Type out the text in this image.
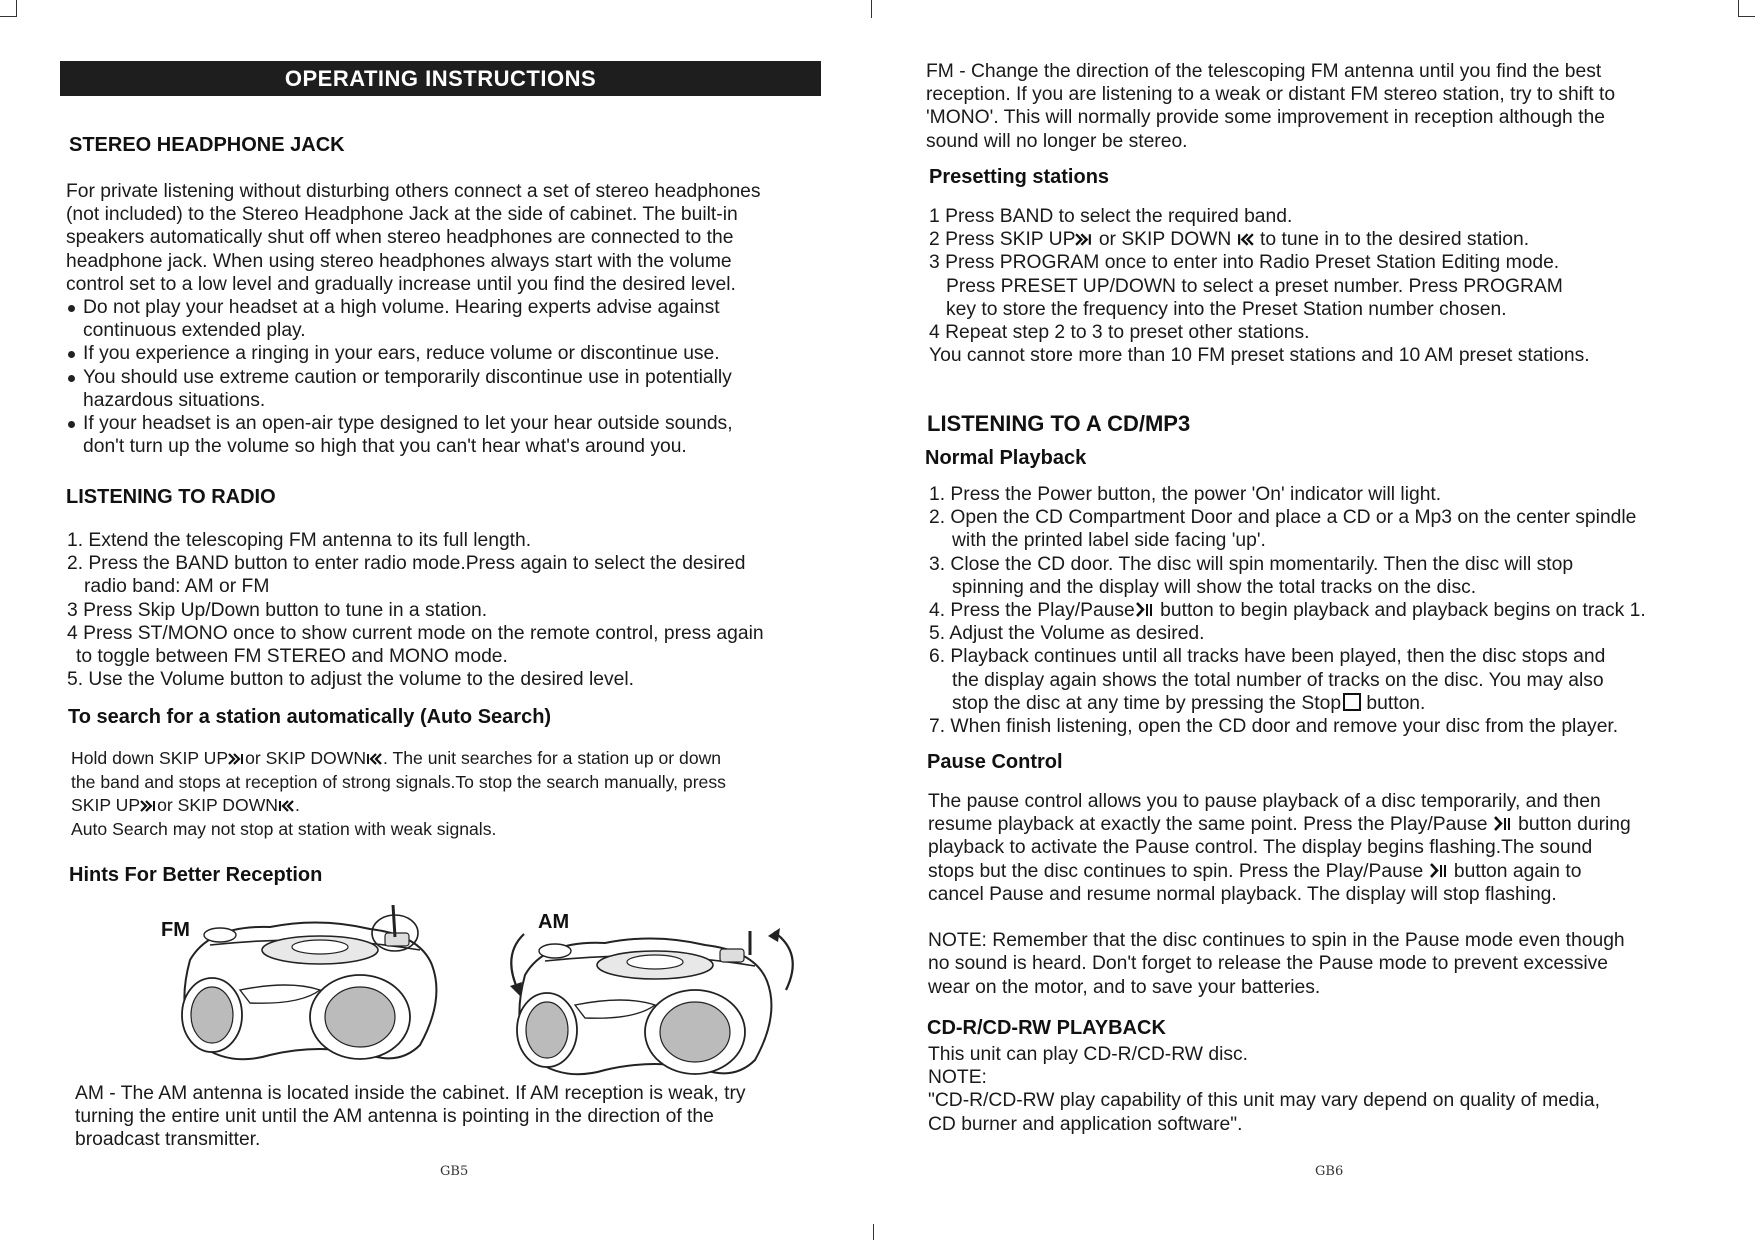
OPERATING INSTRUCTIONS
STEREO HEADPHONE JACK
For private listening without disturbing others connect a set of stereo headphones
(not included) to the Stereo Headphone Jack at the side of cabinet. The built-in
speakers automatically shut off when stereo headphones are connected to the
headphone jack. When using stereo headphones always start with the volume
control set to a low level and gradually increase until you find the desired level.
Do not play your headset at a high volume. Hearing experts advise against
continuous extended play.
If you experience a ringing in your ears, reduce volume or discontinue use.
You should use extreme caution or temporarily discontinue use in potentially
hazardous situations.
If your headset is an open-air type designed to let your hear outside sounds,
don't turn up the volume so high that you can't hear what's around you.
LISTENING TO RADIO
1. Extend the telescoping FM antenna to its full length.
2. Press the BAND button to enter radio mode.Press again to select the desired
radio band: AM or FM
3 Press Skip Up/Down button to tune in a station.
4 Press ST/MONO once to show current mode on the remote control, press again
to toggle between FM STEREO and MONO mode.
5. Use the Volume button to adjust the volume to the desired level.
To search for a station automatically (Auto Search)
Hold down SKIP UP or SKIP DOWN . The unit searches for a station up or down
the band and stops at reception of strong signals.To stop the search manually, press
SKIP UP or SKIP DOWN .
Auto Search may not stop at station with weak signals.
Hints For Better Reception
FM	AM
AM - The AM antenna is located inside the cabinet. If AM reception is weak, try
turning the entire unit until the AM antenna is pointing in the direction of the
broadcast transmitter.
GB5
FM - Change the direction of the telescoping FM antenna until you find the best
reception. If you are listening to a weak or distant FM stereo station, try to shift to
'MONO'. This will normally provide some improvement in reception although the
sound will no longer be stereo.
Presetting stations
1 Press BAND to select the required band.
2 Press SKIP UP or SKIP DOWN  to tune in to the desired station.
3 Press PROGRAM once to enter into Radio Preset Station Editing mode.
Press PRESET UP/DOWN to select a preset number. Press PROGRAM
key to store the frequency into the Preset Station number chosen.
4 Repeat step 2 to 3 to preset other stations.
You cannot store more than 10 FM preset stations and 10 AM preset stations.
LISTENING TO A CD/MP3
Normal Playback
1. Press the Power button, the power 'On' indicator will light.
2. Open the CD Compartment Door and place a CD or a Mp3 on the center spindle
with the printed label side facing 'up'.
3. Close the CD door. The disc will spin momentarily. Then the disc will stop
spinning and the display will show the total tracks on the disc.
4. Press the Play/Pause button to begin playback and playback begins on track 1.
5. Adjust the Volume as desired.
6. Playback continues until all tracks have been played, then the disc stops and
the display again shows the total number of tracks on the disc. You may also
stop the disc at any time by pressing the Stop button.
7. When finish listening, open the CD door and remove your disc from the player.
Pause Control
The pause control allows you to pause playback of a disc temporarily, and then
resume playback at exactly the same point. Press the Play/Pause  button during
playback to activate the Pause control. The display begins flashing.The sound
stops but the disc continues to spin. Press the Play/Pause  button again to
cancel Pause and resume normal playback. The display will stop flashing.
NOTE: Remember that the disc continues to spin in the Pause mode even though
no sound is heard. Don't forget to release the Pause mode to prevent excessive
wear on the motor, and to save your batteries.
CD-R/CD-RW PLAYBACK
This unit can play CD-R/CD-RW disc.
NOTE:
"CD-R/CD-RW play capability of this unit may vary depend on quality of media,
CD burner and application software".
GB6
